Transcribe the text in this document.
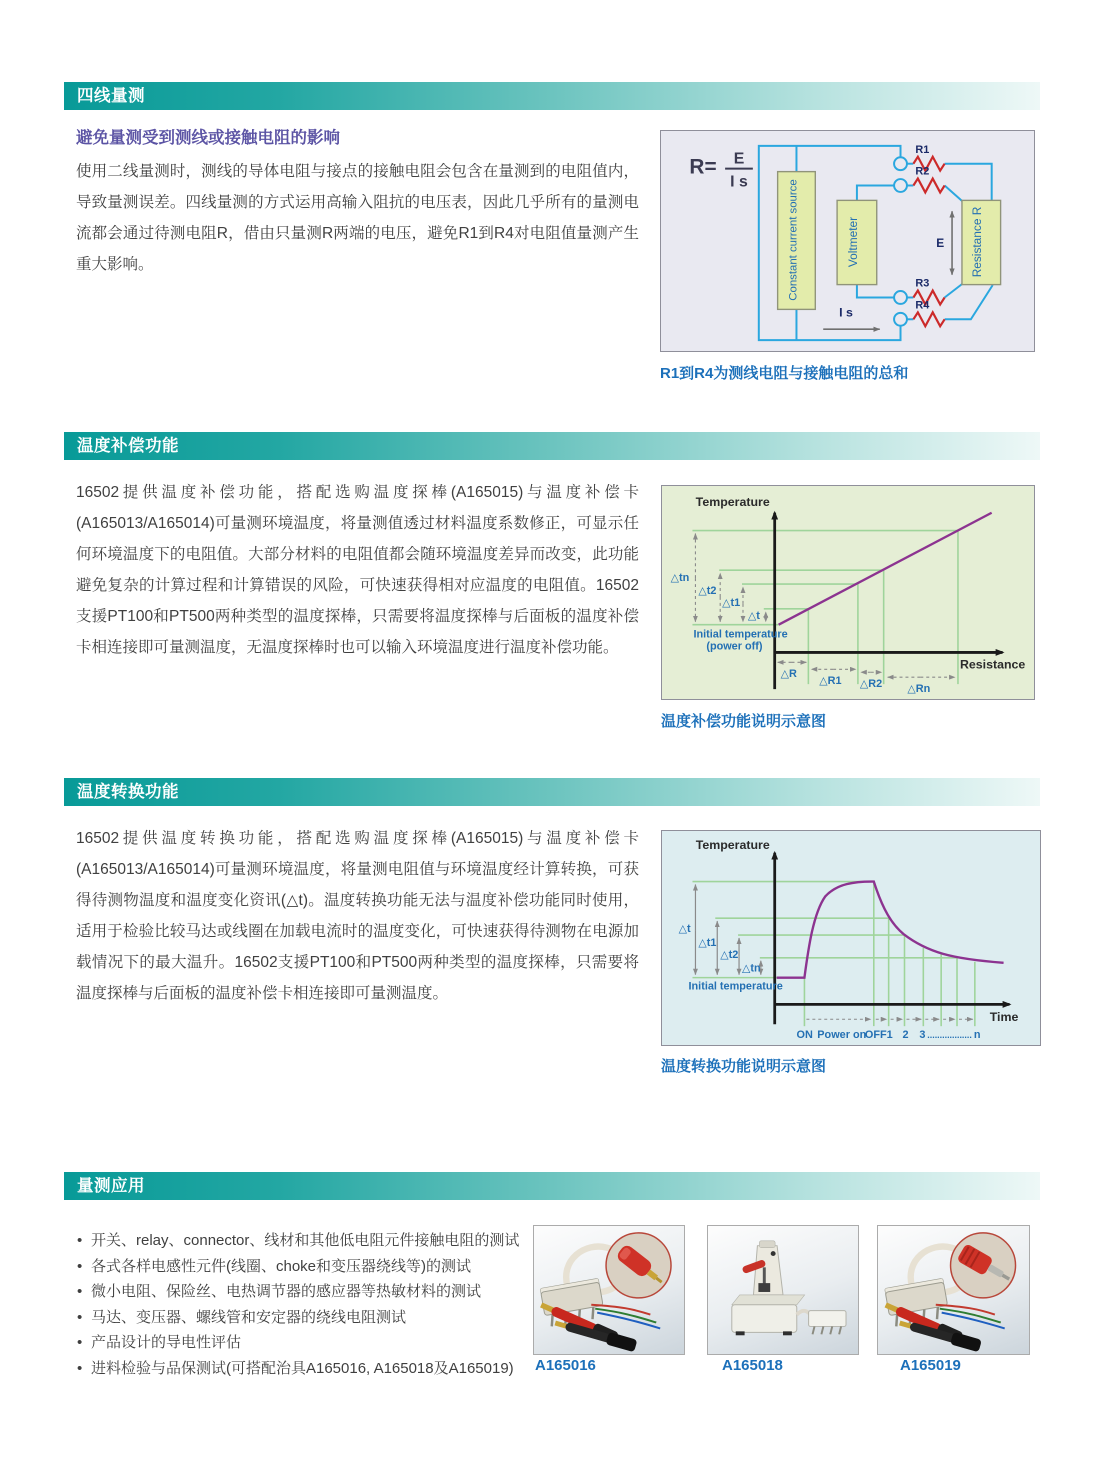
四线量测
避免量测受到测线或接触电阻的影响
使用二线量测时，测线的导体电阻与接点的接触电阻会包含在量测到的电阻值内，导致量测误差。四线量测的方式运用高输入阻抗的电压表，因此几乎所有的量测电流都会通过待测电阻R，借由只量测R两端的电压，避免R1到R4对电阻值量测产生重大影响。	Constant current source	Voltmeter	Resistance R
R= E
I s
R1
R2
R3
R4
E
I s
R1到R4为测线电阻与接触电阻的总和
温度补偿功能
16502提供温度补偿功能，搭配选购温度探棒(A165015)与温度补偿卡(A165013/A165014)可量测环境温度，将量测值透过材料温度系数修正，可显示任何环境温度下的电阻值。大部分材料的电阻值都会随环境温度差异而改变，此功能避免复杂的计算过程和计算错误的风险，可快速获得相对应温度的电阻值。16502支援PT100和PT500两种类型的温度探棒，只需要将温度探棒与后面板的温度补偿卡相连接即可量测温度，无温度探棒时也可以输入环境温度进行温度补偿功能。
△tn
△t2
△t1
△t
Initial temperature
(power off)
△R
△R1 △R2 △Rn
Temperature
Resistance
温度补偿功能说明示意图
温度转换功能
16502提供温度转换功能，搭配选购温度探棒(A165015)与温度补偿卡(A165013/A165014)可量测环境温度，将量测电阻值与环境温度经计算转换，可获得待测物温度和温度变化资讯(△t)。温度转换功能无法与温度补偿功能同时使用，适用于检验比较马达或线圈在加载电流时的温度变化，可快速获得待测物在电源加载情况下的最大温升。16502支援PT100和PT500两种类型的温度探棒，只需要将温度探棒与后面板的温度补偿卡相连接即可量测温度。
△t
△t1
△t2
△tn
Initial temperature
ON Power on
OFF 1 2 3 .................. n
Temperature
Time
温度转换功能说明示意图
量测应用
• 开关、relay、connector、线材和其他低电阻元件接触电阻的测试
• 各式各样电感性元件(线圈、choke和变压器绕线等)的测试
• 微小电阻、保险丝、电热调节器的感应器等热敏材料的测试
• 马达、变压器、螺线管和安定器的绕线电阻测试
• 产品设计的导电性评估
• 进料检验与品保测试(可搭配治具A165016, A165018及A165019)	A165016	A165018	A165019
